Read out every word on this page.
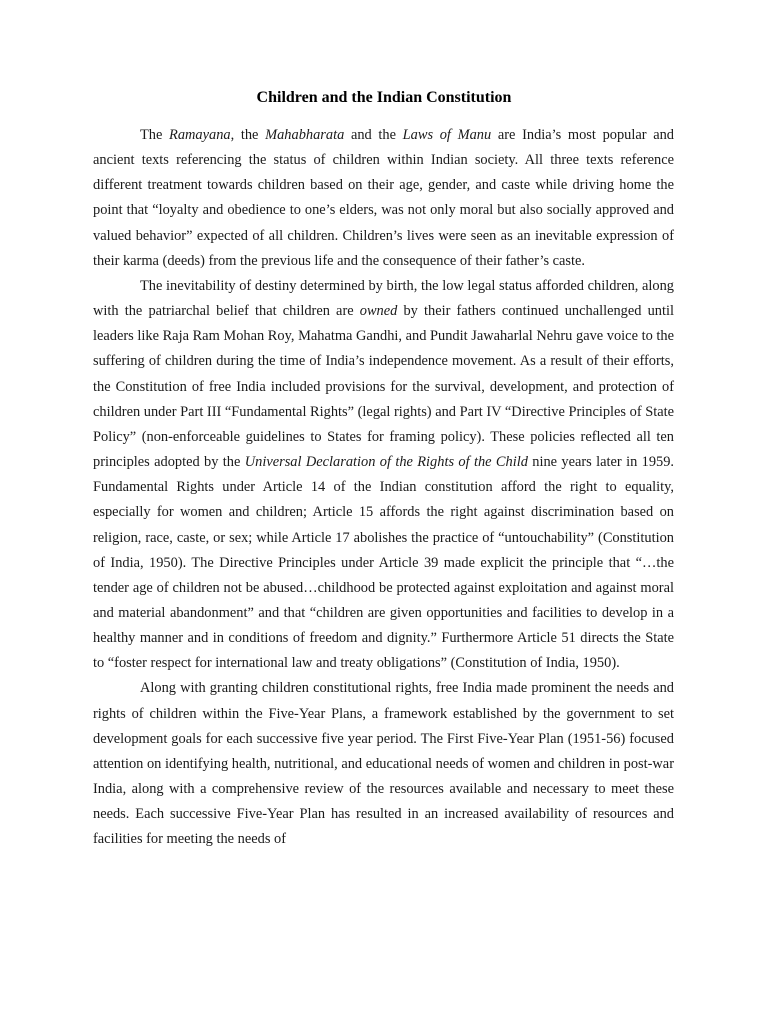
Children and the Indian Constitution

The Ramayana, the Mahabharata and the Laws of Manu are India’s most popular and ancient texts referencing the status of children within Indian society. All three texts reference different treatment towards children based on their age, gender, and caste while driving home the point that “loyalty and obedience to one’s elders, was not only moral but also socially approved and valued behavior” expected of all children. Children’s lives were seen as an inevitable expression of their karma (deeds) from the previous life and the consequence of their father’s caste.

The inevitability of destiny determined by birth, the low legal status afforded children, along with the patriarchal belief that children are owned by their fathers continued unchallenged until leaders like Raja Ram Mohan Roy, Mahatma Gandhi, and Pundit Jawaharlal Nehru gave voice to the suffering of children during the time of India’s independence movement. As a result of their efforts, the Constitution of free India included provisions for the survival, development, and protection of children under Part III “Fundamental Rights” (legal rights) and Part IV “Directive Principles of State Policy” (non-enforceable guidelines to States for framing policy). These policies reflected all ten principles adopted by the Universal Declaration of the Rights of the Child nine years later in 1959. Fundamental Rights under Article 14 of the Indian constitution afford the right to equality, especially for women and children; Article 15 affords the right against discrimination based on religion, race, caste, or sex; while Article 17 abolishes the practice of “untouchability” (Constitution of India, 1950). The Directive Principles under Article 39 made explicit the principle that “…the tender age of children not be abused…childhood be protected against exploitation and against moral and material abandonment” and that “children are given opportunities and facilities to develop in a healthy manner and in conditions of freedom and dignity.” Furthermore Article 51 directs the State to “foster respect for international law and treaty obligations” (Constitution of India, 1950).

Along with granting children constitutional rights, free India made prominent the needs and rights of children within the Five-Year Plans, a framework established by the government to set development goals for each successive five year period. The First Five-Year Plan (1951-56) focused attention on identifying health, nutritional, and educational needs of women and children in post-war India, along with a comprehensive review of the resources available and necessary to meet these needs. Each successive Five-Year Plan has resulted in an increased availability of resources and facilities for meeting the needs of
